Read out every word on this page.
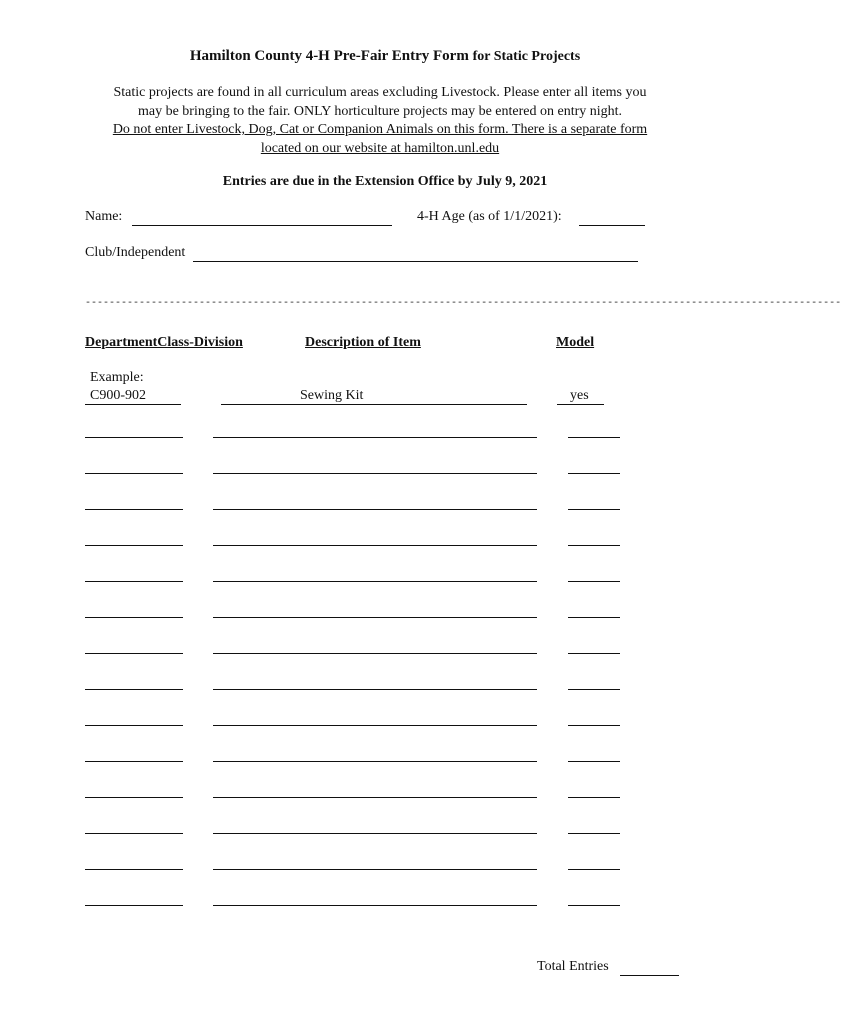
Hamilton County 4-H Pre-Fair Entry Form for Static Projects
Static projects are found in all curriculum areas excluding Livestock. Please enter all items you
may be bringing to the fair. ONLY horticulture projects may be entered on entry night.
Do not enter Livestock, Dog, Cat or Companion Animals on this form. There is a separate form
located on our website at hamilton.unl.edu
Entries are due in the Extension Office by July 9, 2021
Name:	4-H Age (as of 1/1/2021):
Club/Independent
------------------------------------------------------------------------------------------------------------------------------
DepartmentClass-Division	Description of Item	Model
Example:
C900-902	Sewing Kit	yes
Total Entries
